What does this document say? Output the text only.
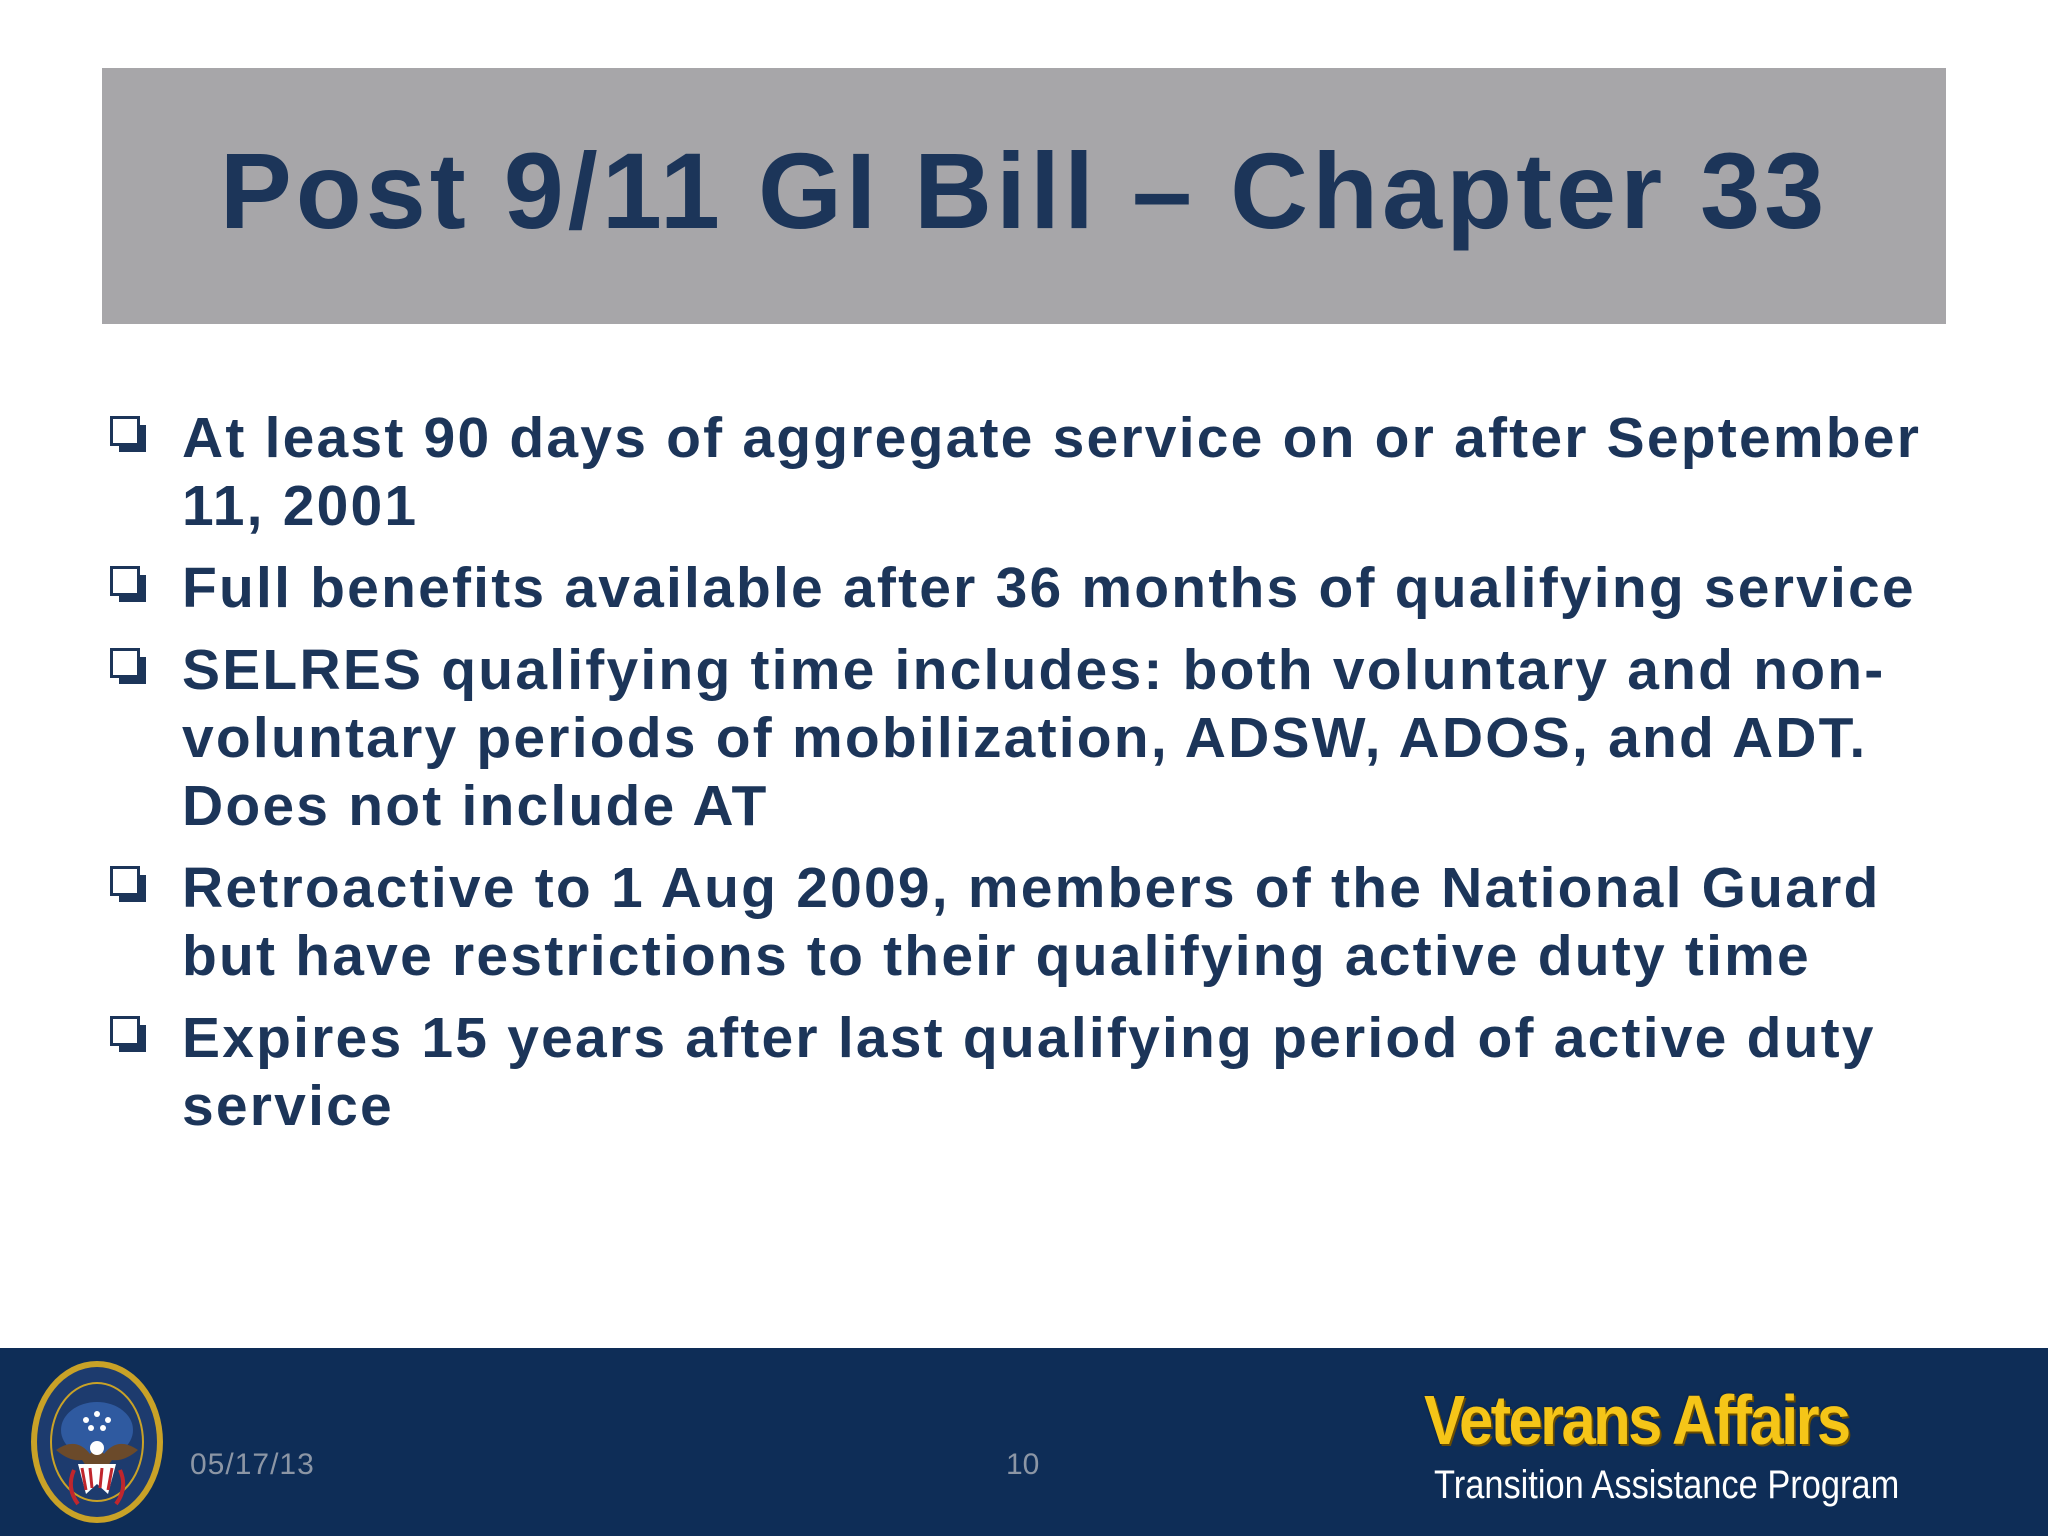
Post 9/11 GI Bill – Chapter 33
At least 90 days of aggregate service on or after September 11, 2001
Full benefits available after 36 months of qualifying service
SELRES qualifying time includes: both voluntary and non-voluntary periods of mobilization, ADSW, ADOS, and ADT. Does not include AT
Retroactive to 1 Aug 2009, members of the National Guard but have restrictions to their qualifying active duty time
Expires 15 years after last qualifying period of active duty service
05/17/13	10
Veterans Affairs
Transition Assistance Program
